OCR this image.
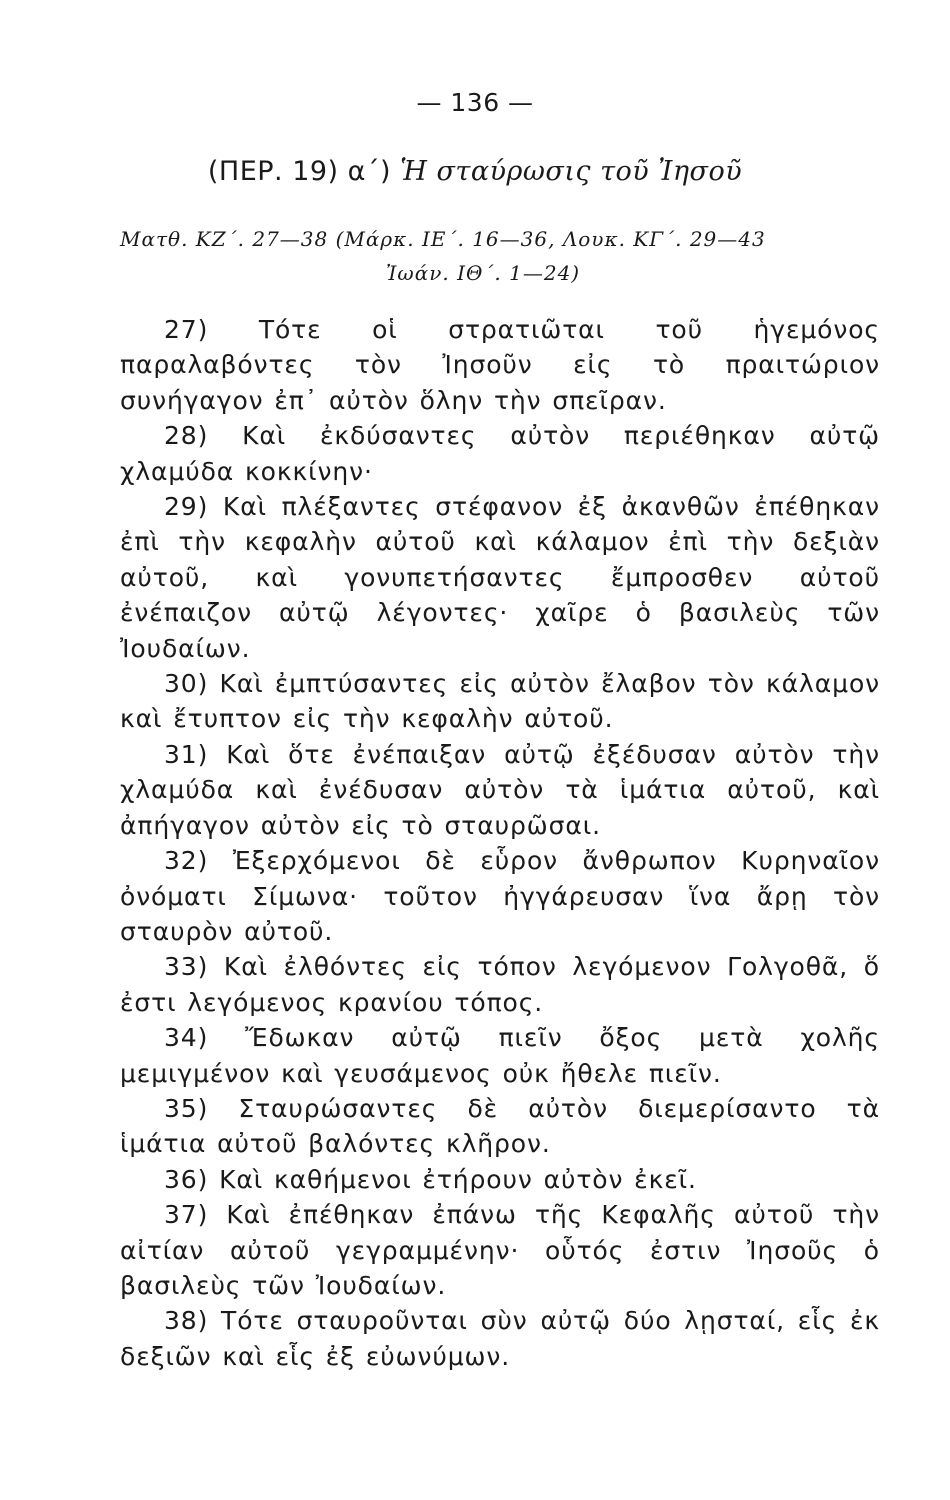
— 136 —
(ΠΕΡ. 19) α΄) Ἡ σταύρωσις τοῦ Ἰησοῦ
Ματθ. ΚΖ΄. 27—38 (Μάρκ. ΙΕ΄. 16—36, Λουκ. ΚΓ΄. 29—43
Ἰωάν. ΙΘ΄. 1—24)

27) Τότε οἱ στρατιῶται τοῦ ἡγεμόνος παραλαβόντες τὸν Ἰησοῦν εἰς τὸ πραιτώριον συνήγαγον ἐπ᾽ αὐτὸν ὅλην τὴν σπεῖραν.

28) Καὶ ἐκδύσαντες αὐτὸν περιέθηκαν αὐτῷ χλαμύδα κοκκίνην·

29) Καὶ πλέξαντες στέφανον ἐξ ἀκανθῶν ἐπέθηκαν ἐπὶ τὴν κεφαλὴν αὐτοῦ καὶ κάλαμον ἐπὶ τὴν δεξιὰν αὐτοῦ, καὶ γονυπετήσαντες ἔμπροσθεν αὐτοῦ ἐνέπαιζον αὐτῷ λέγοντες· χαῖρε ὁ βασιλεὺς τῶν Ἰουδαίων.

30) Καὶ ἐμπτύσαντες εἰς αὐτὸν ἔλαβον τὸν κάλαμον καὶ ἔτυπτον εἰς τὴν κεφαλὴν αὐτοῦ.

31) Καὶ ὅτε ἐνέπαιξαν αὐτῷ ἐξέδυσαν αὐτὸν τὴν χλαμύδα καὶ ἐνέδυσαν αὐτὸν τὰ ἱμάτια αὐτοῦ, καὶ ἀπήγαγον αὐτὸν εἰς τὸ σταυρῶσαι.

32) Ἐξερχόμενοι δὲ εὗρον ἄνθρωπον Κυρηναῖον ὀνόματι Σίμωνα· τοῦτον ἠγγάρευσαν ἵνα ἄρῃ τὸν σταυρὸν αὐτοῦ.

33) Καὶ ἐλθόντες εἰς τόπον λεγόμενον Γολγοθᾶ, ὅ ἐστι λεγόμενος κρανίου τόπος.

34) Ἔδωκαν αὐτῷ πιεῖν ὄξος μετὰ χολῆς μεμιγμένον καὶ γευσάμενος οὐκ ἤθελε πιεῖν.

35) Σταυρώσαντες δὲ αὐτὸν διεμερίσαντο τὰ ἱμάτια αὐτοῦ βαλόντες κλῆρον.

36) Καὶ καθήμενοι ἐτήρουν αὐτὸν ἐκεῖ.

37) Καὶ ἐπέθηκαν ἐπάνω τῆς Κεφαλῆς αὐτοῦ τὴν αἰτίαν αὐτοῦ γεγραμμένην· οὗτός ἐστιν Ἰησοῦς ὁ βασιλεὺς τῶν Ἰουδαίων.

38) Τότε σταυροῦνται σὺν αὐτῷ δύο λῃσταί, εἷς ἐκ δεξιῶν καὶ εἷς ἐξ εὐωνύμων.
